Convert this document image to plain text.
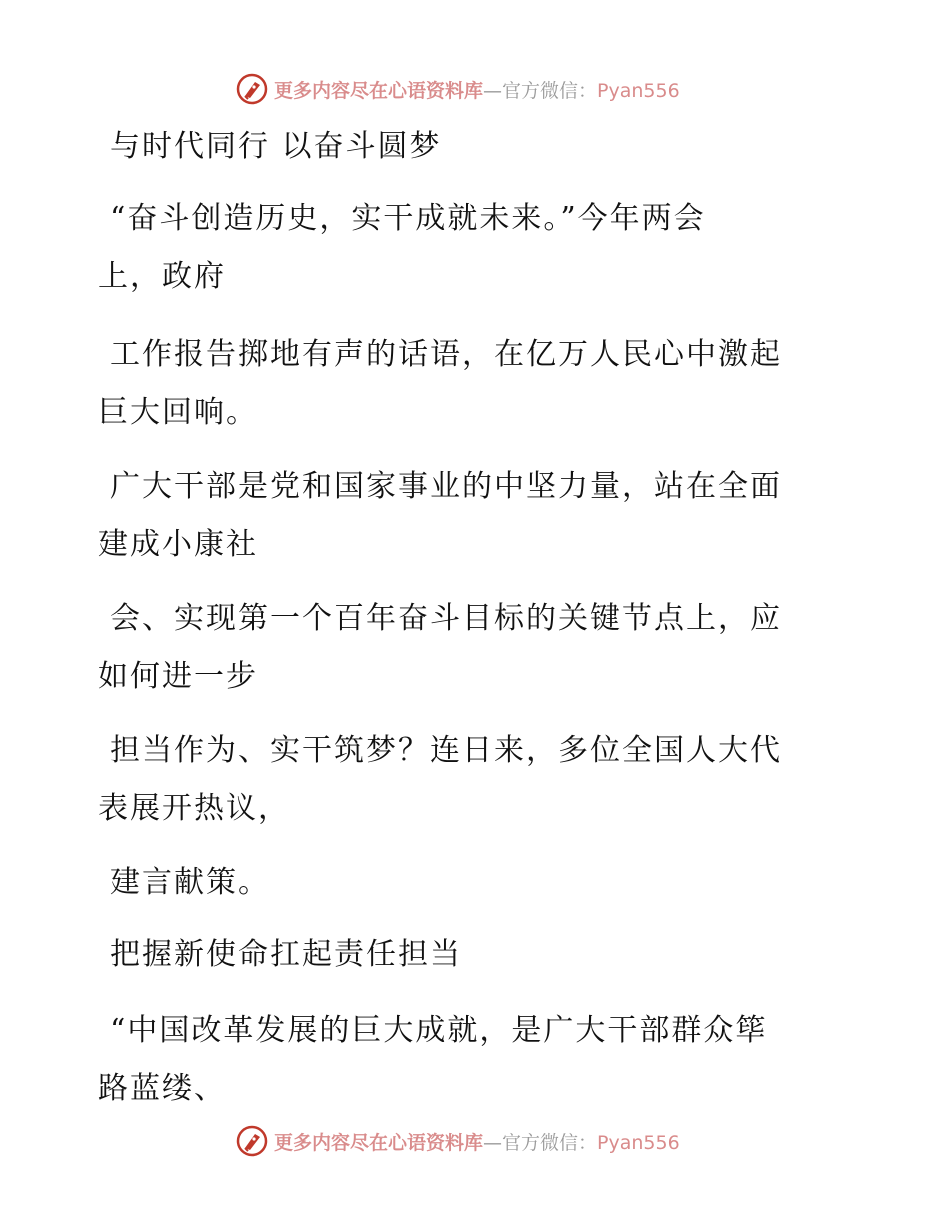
更多内容尽在心语资料库—官方微信：Pyan556
与时代同行 以奋斗圆梦
“奋斗创造历史，实干成就未来。”今年两会
上，政府
工作报告掷地有声的话语，在亿万人民心中激起
巨大回响。
广大干部是党和国家事业的中坚力量，站在全面
建成小康社
会、实现第一个百年奋斗目标的关键节点上，应
如何进一步
担当作为、实干筑梦？连日来，多位全国人大代
表展开热议，
建言献策。
把握新使命扛起责任担当
“中国改革发展的巨大成就，是广大干部群众筚
路蓝缕、
更多内容尽在心语资料库—官方微信：Pyan556
